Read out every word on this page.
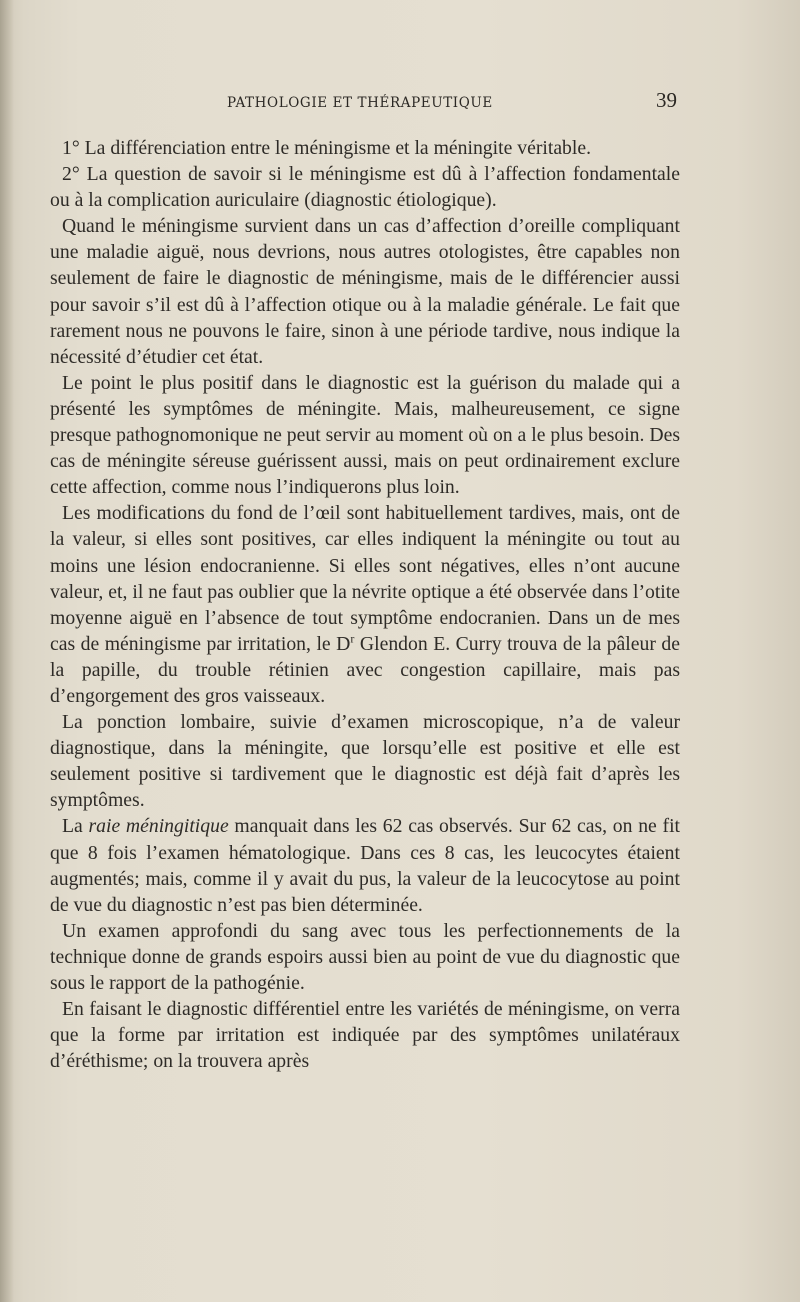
PATHOLOGIE ET THÉRAPEUTIQUE	39

1° La différenciation entre le méningisme et la méningite véritable.

2° La question de savoir si le méningisme est dû à l’affection fondamentale ou à la complication auriculaire (diagnostic étiologique).

Quand le méningisme survient dans un cas d’affection d’oreille compliquant une maladie aiguë, nous devrions, nous autres otologistes, être capables non seulement de faire le diagnostic de méningisme, mais de le différencier aussi pour savoir s’il est dû à l’affection otique ou à la maladie générale. Le fait que rarement nous ne pouvons le faire, sinon à une période tardive, nous indique la nécessité d’étudier cet état.

Le point le plus positif dans le diagnostic est la guérison du malade qui a présenté les symptômes de méningite. Mais, malheureusement, ce signe presque pathognomonique ne peut servir au moment où on a le plus besoin. Des cas de méningite séreuse guérissent aussi, mais on peut ordinairement exclure cette affection, comme nous l’indiquerons plus loin.

Les modifications du fond de l’œil sont habituellement tardives, mais, ont de la valeur, si elles sont positives, car elles indiquent la méningite ou tout au moins une lésion endocranienne. Si elles sont négatives, elles n’ont aucune valeur, et, il ne faut pas oublier que la névrite optique a été observée dans l’otite moyenne aiguë en l’absence de tout symptôme endocranien. Dans un de mes cas de méningisme par irritation, le $D^r$ Glendon E. Curry trouva de la pâleur de la papille, du trouble rétinien avec congestion capillaire, mais pas d’engorgement des gros vaisseaux.

La ponction lombaire, suivie d’examen microscopique, n’a de valeur diagnostique, dans la méningite, que lorsqu’elle est positive et elle est seulement positive si tardivement que le diagnostic est déjà fait d’après les symptômes.

La raie méningitique manquait dans les 62 cas observés. Sur 62 cas, on ne fit que 8 fois l’examen hématologique. Dans ces 8 cas, les leucocytes étaient augmentés; mais, comme il y avait du pus, la valeur de la leucocytose au point de vue du diagnostic n’est pas bien déterminée.

Un examen approfondi du sang avec tous les perfectionnements de la technique donne de grands espoirs aussi bien au point de vue du diagnostic que sous le rapport de la pathogénie.

En faisant le diagnostic différentiel entre les variétés de méningisme, on verra que la forme par irritation est indiquée par des symptômes unilatéraux d’éréthisme; on la trouvera après
